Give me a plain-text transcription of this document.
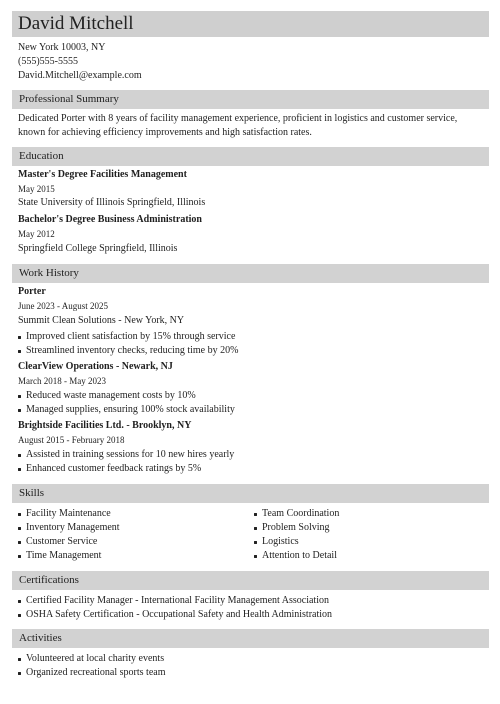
David Mitchell
New York 10003, NY
(555)555-5555
David.Mitchell@example.com
Professional Summary
Dedicated Porter with 8 years of facility management experience, proficient in logistics and customer service, known for achieving efficiency improvements and high satisfaction rates.
Education
Master's Degree Facilities Management
May 2015
State University of Illinois Springfield, Illinois
Bachelor's Degree Business Administration
May 2012
Springfield College Springfield, Illinois
Work History
Porter
June 2023 - August 2025
Summit Clean Solutions - New York, NY
Improved client satisfaction by 15% through service
Streamlined inventory checks, reducing time by 20%
ClearView Operations - Newark, NJ
March 2018 - May 2023
Reduced waste management costs by 10%
Managed supplies, ensuring 100% stock availability
Brightside Facilities Ltd. - Brooklyn, NY
August 2015 - February 2018
Assisted in training sessions for 10 new hires yearly
Enhanced customer feedback ratings by 5%
Skills
Facility Maintenance
Inventory Management
Customer Service
Time Management
Team Coordination
Problem Solving
Logistics
Attention to Detail
Certifications
Certified Facility Manager - International Facility Management Association
OSHA Safety Certification - Occupational Safety and Health Administration
Activities
Volunteered at local charity events
Organized recreational sports team
